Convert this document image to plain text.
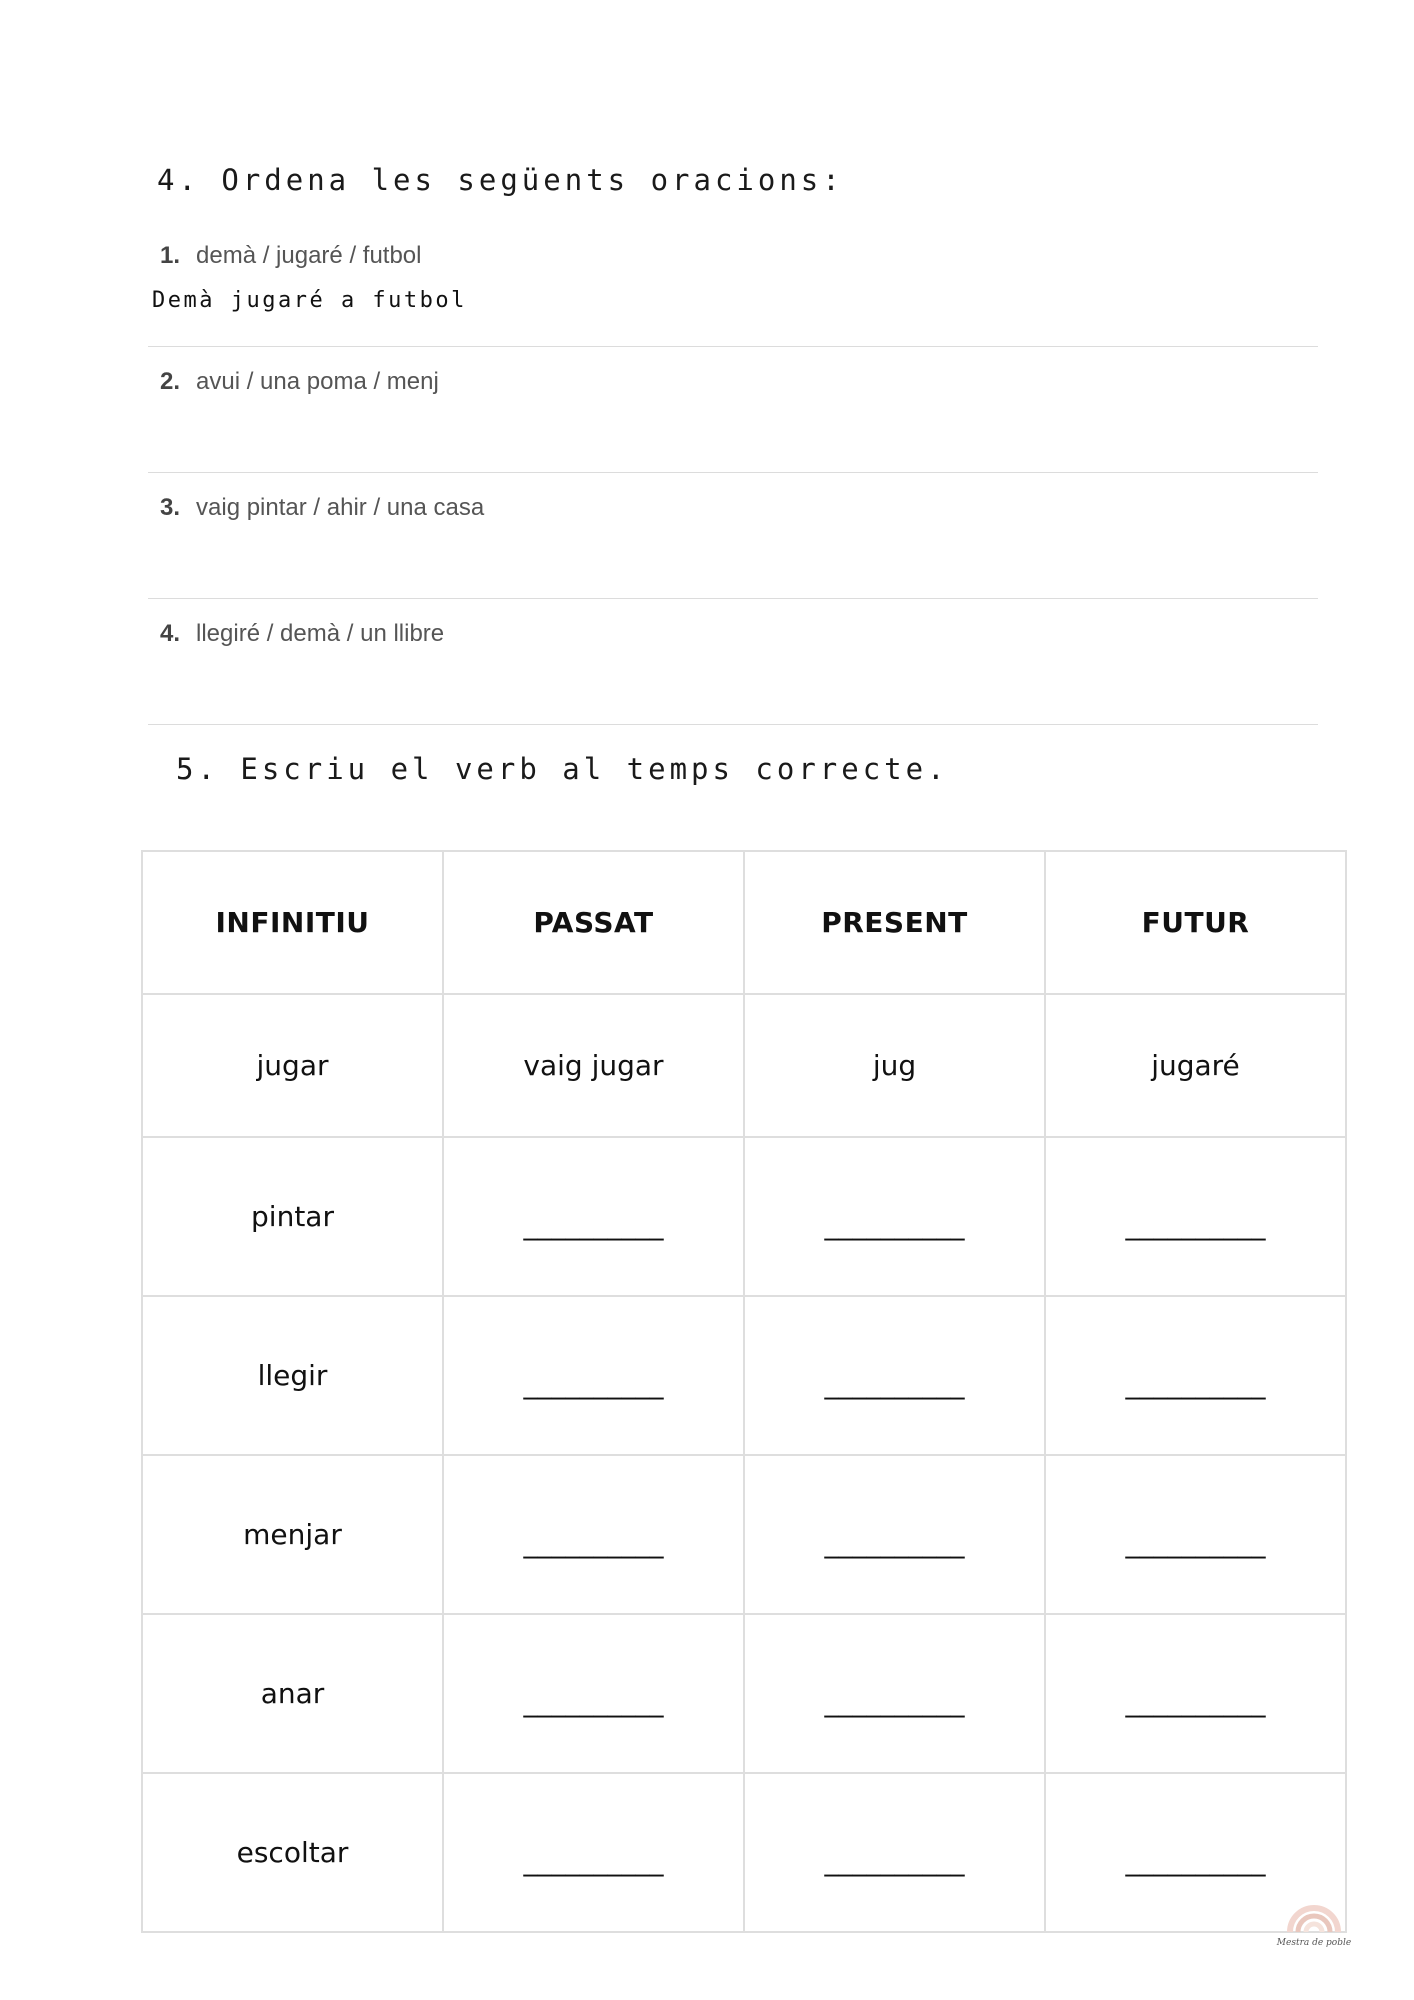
4. Ordena les següents oracions:
1. demà / jugaré / futbol
Demà jugaré a futbol
2. avui / una poma / menj
3. vaig pintar / ahir / una casa
4. llegiré / demà / un llibre
5. Escriu el verb al temps correcte.
INFINITIU	PASSAT	PRESENT	FUTUR
jugar	vaig jugar	jug	jugaré
pintar	__________	__________	__________
llegir	__________	__________	__________
menjar	__________	__________	__________
anar	__________	__________	__________
escoltar	__________	__________	__________
Mestra de poble
